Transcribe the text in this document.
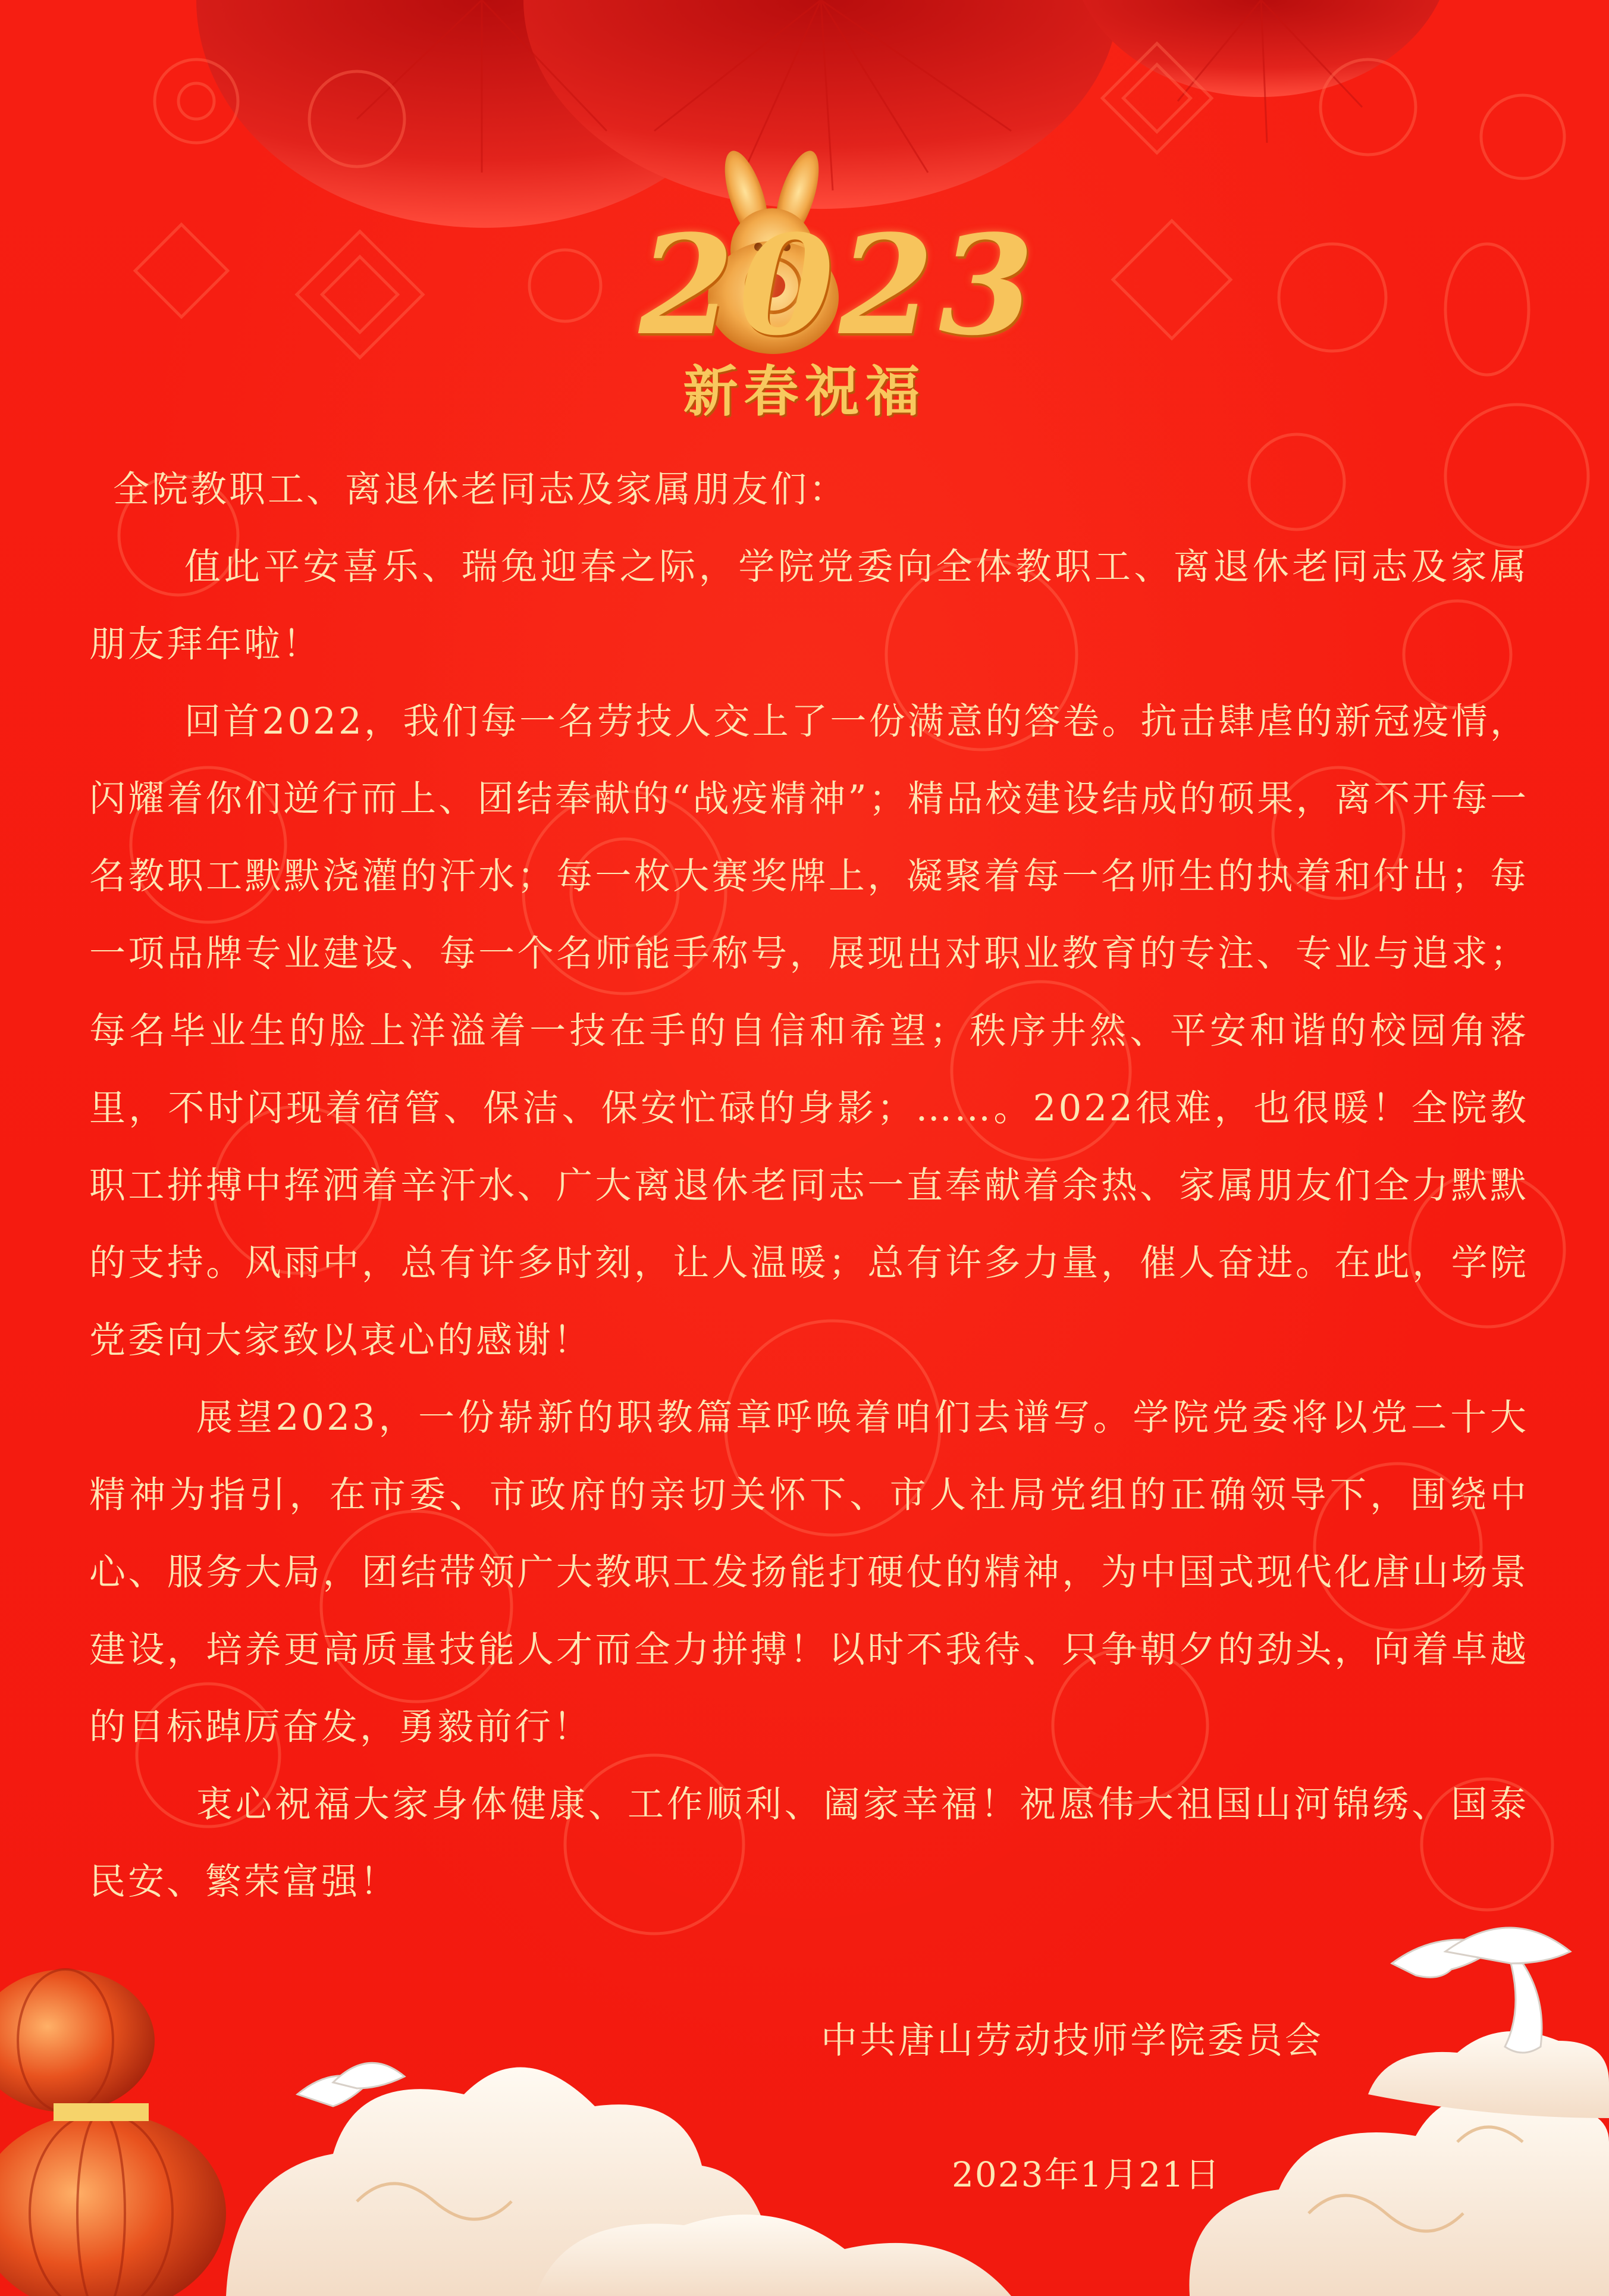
2023
新春祝福

全院教职工、离退休老同志及家属朋友们：

值此平安喜乐、瑞兔迎春之际，学院党委向全体教职工、离退休老同志及家属朋友拜年啦！

回首2022，我们每一名劳技人交上了一份满意的答卷。抗击肆虐的新冠疫情，闪耀着你们逆行而上、团结奉献的“战疫精神”；精品校建设结成的硕果，离不开每一名教职工默默浇灌的汗水；每一枚大赛奖牌上，凝聚着每一名师生的执着和付出；每一项品牌专业建设、每一个名师能手称号，展现出对职业教育的专注、专业与追求；每名毕业生的脸上洋溢着一技在手的自信和希望；秩序井然、平安和谐的校园角落里，不时闪现着宿管、保洁、保安忙碌的身影；……。2022很难，也很暖！全院教职工拼搏中挥洒着辛汗水、广大离退休老同志一直奉献着余热、家属朋友们全力默默的支持。风雨中，总有许多时刻，让人温暖；总有许多力量，催人奋进。在此，学院党委向大家致以衷心的感谢！

展望2023，一份崭新的职教篇章呼唤着咱们去谱写。学院党委将以党二十大精神为指引，在市委、市政府的亲切关怀下、市人社局党组的正确领导下，围绕中心、服务大局，团结带领广大教职工发扬能打硬仗的精神，为中国式现代化唐山场景建设，培养更高质量技能人才而全力拼搏！以时不我待、只争朝夕的劲头，向着卓越的目标踔厉奋发，勇毅前行！

衷心祝福大家身体健康、工作顺利、阖家幸福！祝愿伟大祖国山河锦绣、国泰民安、繁荣富强！

中共唐山劳动技师学院委员会
2023年1月21日
